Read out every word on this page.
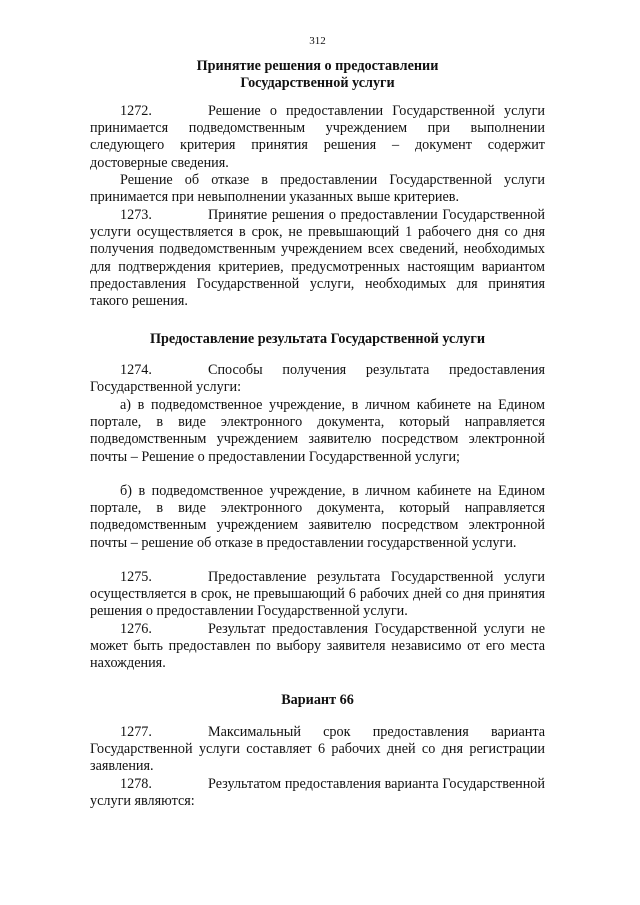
312
Принятие решения о предоставлении Государственной услуги
1272.	Решение о предоставлении Государственной услуги принимается подведомственным учреждением при выполнении следующего критерия принятия решения – документ содержит достоверные сведения.
Решение об отказе в предоставлении Государственной услуги принимается при невыполнении указанных выше критериев.
1273.	Принятие решения о предоставлении Государственной услуги осуществляется в срок, не превышающий 1 рабочего дня со дня получения подведомственным учреждением всех сведений, необходимых для подтверждения критериев, предусмотренных настоящим вариантом предоставления Государственной услуги, необходимых для принятия такого решения.
Предоставление результата Государственной услуги
1274.	Способы получения результата предоставления Государственной услуги:
а) в подведомственное учреждение, в личном кабинете на Едином портале, в виде электронного документа, который направляется подведомственным учреждением заявителю посредством электронной почты – Решение о предоставлении Государственной услуги;
б) в подведомственное учреждение, в личном кабинете на Едином портале, в виде электронного документа, который направляется подведомственным учреждением заявителю посредством электронной почты – решение об отказе в предоставлении государственной услуги.
1275.	Предоставление результата Государственной услуги осуществляется в срок, не превышающий 6 рабочих дней со дня принятия решения о предоставлении Государственной услуги.
1276.	Результат предоставления Государственной услуги не может быть предоставлен по выбору заявителя независимо от его места нахождения.
Вариант 66
1277.	Максимальный срок предоставления варианта Государственной услуги составляет 6 рабочих дней со дня регистрации заявления.
1278.	Результатом предоставления варианта Государственной услуги являются:
